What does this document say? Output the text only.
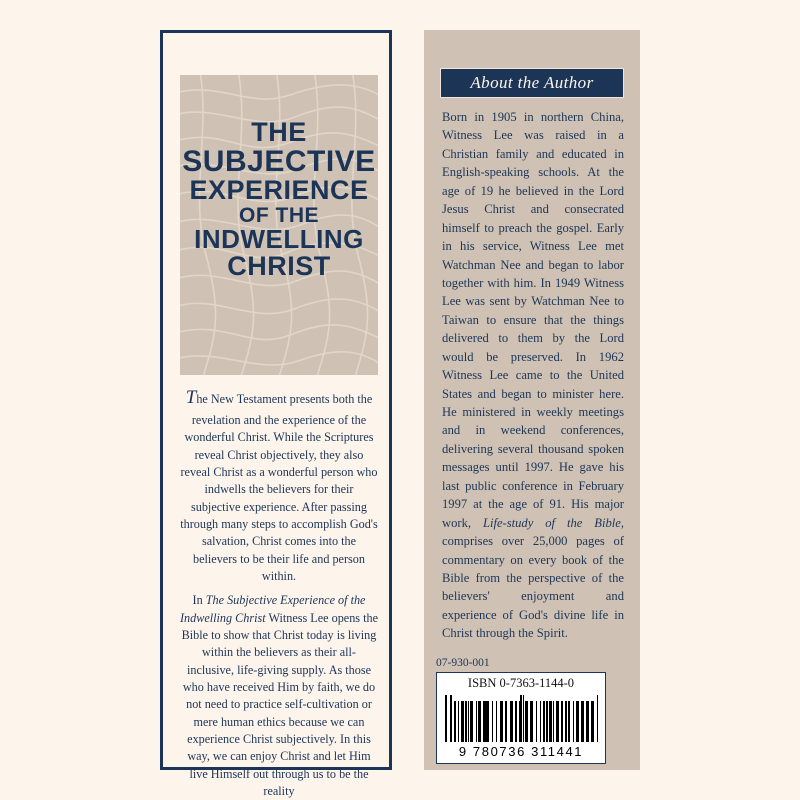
THE
SUBJECTIVE
EXPERIENCE
OF THE
INDWELLING
CHRIST

The New Testament presents both the revelation and the experience of the wonderful Christ. While the Scriptures reveal Christ objectively, they also reveal Christ as a wonderful person who indwells the believers for their subjective experience. After passing through many steps to accomplish God's salvation, Christ comes into the believers to be their life and person within.

In The Subjective Experience of the Indwelling Christ Witness Lee opens the Bible to show that Christ today is living within the believers as their all-inclusive, life-giving supply. As those who have received Him by faith, we do not need to practice self-cultivation or mere human ethics because we can experience Christ subjectively. In this way, we can enjoy Christ and let Him live Himself out through us to be the reality

About the Author
Born in 1905 in northern China, Witness Lee was raised in a Christian family and educated in English-speaking schools. At the age of 19 he believed in the Lord Jesus Christ and consecrated himself to preach the gospel. Early in his service, Witness Lee met Watchman Nee and began to labor together with him. In 1949 Witness Lee was sent by Watchman Nee to Taiwan to ensure that the things delivered to them by the Lord would be preserved. In 1962 Witness Lee came to the United States and began to minister here. He ministered in weekly meetings and in weekend conferences, delivering several thousand spoken messages until 1997. He gave his last public conference in February 1997 at the age of 91. His major work, Life-study of the Bible, comprises over 25,000 pages of commentary on every book of the Bible from the perspective of the believers' enjoyment and experience of God's divine life in Christ through the Spirit.
07-930-001
ISBN 0-7363-1144-0
9 780736 311441
